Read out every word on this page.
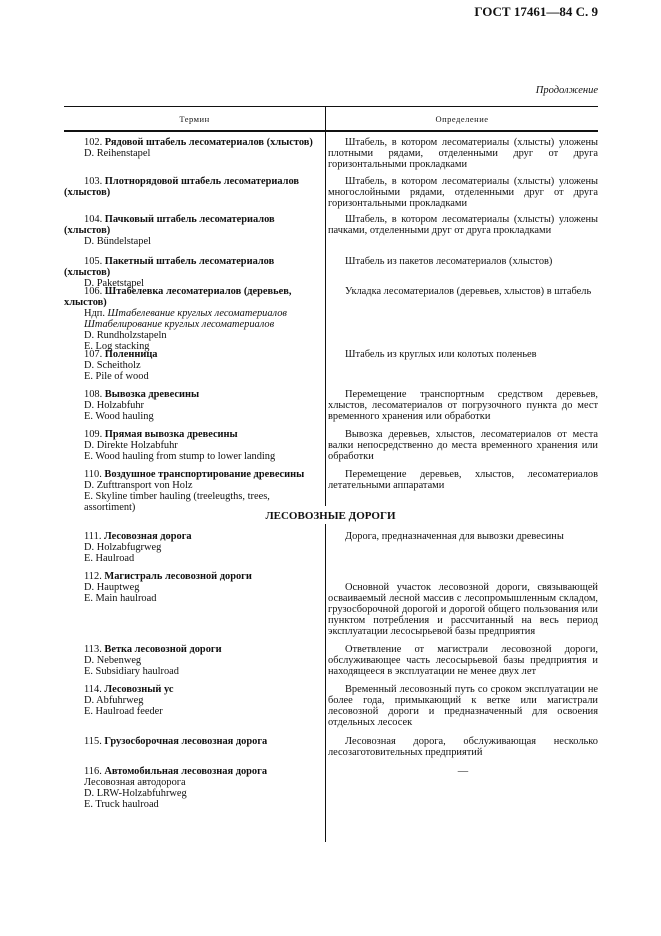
ГОСТ 17461—84 С. 9
Продолжение
Термин	Определение
ЛЕСОВОЗНЫЕ ДОРОГИ
102. Рядовой штабель лесоматериалов (хлыстов)
D. Reihenstapel
Штабель, в котором лесоматериалы (хлысты) уложены плотными рядами, отделенными друг от друга горизонтальными прокладками
103. Плотнорядовой штабель лесоматериалов (хлыстов)
Штабель, в котором лесоматериалы (хлысты) уложены многослойными рядами, отделенными друг от друга горизонтальными прокладками
104. Пачковый штабель лесоматериалов (хлыстов)
D. Bündelstapel
Штабель, в котором лесоматериалы (хлысты) уложены пачками, отделенными друг от друга прокладками
105. Пакетный штабель лесоматериалов (хлыстов)
D. Paketstapel
Штабель из пакетов лесоматериалов (хлыстов)
106. Штабелевка лесоматериалов (деревьев, хлыстов)
Ндп. Штабелевание круглых лесоматериалов
Штабелирование круглых лесоматериалов
D. Rundholzstapeln
E. Log stacking
Укладка лесоматериалов (деревьев, хлыстов) в штабель
107. Поленница
D. Scheitholz
E. Pile of wood
Штабель из круглых или колотых поленьев
108. Вывозка древесины
D. Holzabfuhr
E. Wood hauling
Перемещение транспортным средством деревьев, хлыстов, лесоматериалов от погрузочного пункта до мест временного хранения или обработки
109. Прямая вывозка древесины
D. Direkte Holzabfuhr
E. Wood hauling from stump to lower landing
Вывозка деревьев, хлыстов, лесоматериалов от места валки непосредственно до места временного хранения или обработки
110. Воздушное транспортирование древесины
D. Zufttransport von Holz
E. Skyline timber hauling (treeleugths, trees, assortiment)
Перемещение деревьев, хлыстов, лесоматериалов летательными аппаратами
111. Лесовозная дорога
D. Holzabfugrweg
E. Haulroad
Дорога, предназначенная для вывозки древесины
112. Магистраль лесовозной дороги
D. Hauptweg
E. Main haulroad
Основной участок лесовозной дороги, связывающей осваиваемый лесной массив с лесопромышленным складом, грузосборочной дорогой и дорогой общего пользования или пунктом потребления и рассчитанный на весь период эксплуатации лесосырьевой базы предприятия
113. Ветка лесовозной дороги
D. Nebenweg
E. Subsidiary haulroad
Ответвление от магистрали лесовозной дороги, обслуживающее часть лесосырьевой базы предприятия и находящееся в эксплуатации не менее двух лет
114. Лесовозный ус
D. Abfuhrweg
E. Haulroad feeder
Временный лесовозный путь со сроком эксплуатации не более года, примыкающий к ветке или магистрали лесовозной дороги и предназначенный для освоения отдельных лесосек
115. Грузосборочная лесовозная дорога	Лесовозная дорога, обслуживающая несколько лесозаготовительных предприятий
116. Автомобильная лесовозная дорога
Лесовозная автодорога
D. LRW-Holzabfuhrweg
E. Truck haulroad
—
